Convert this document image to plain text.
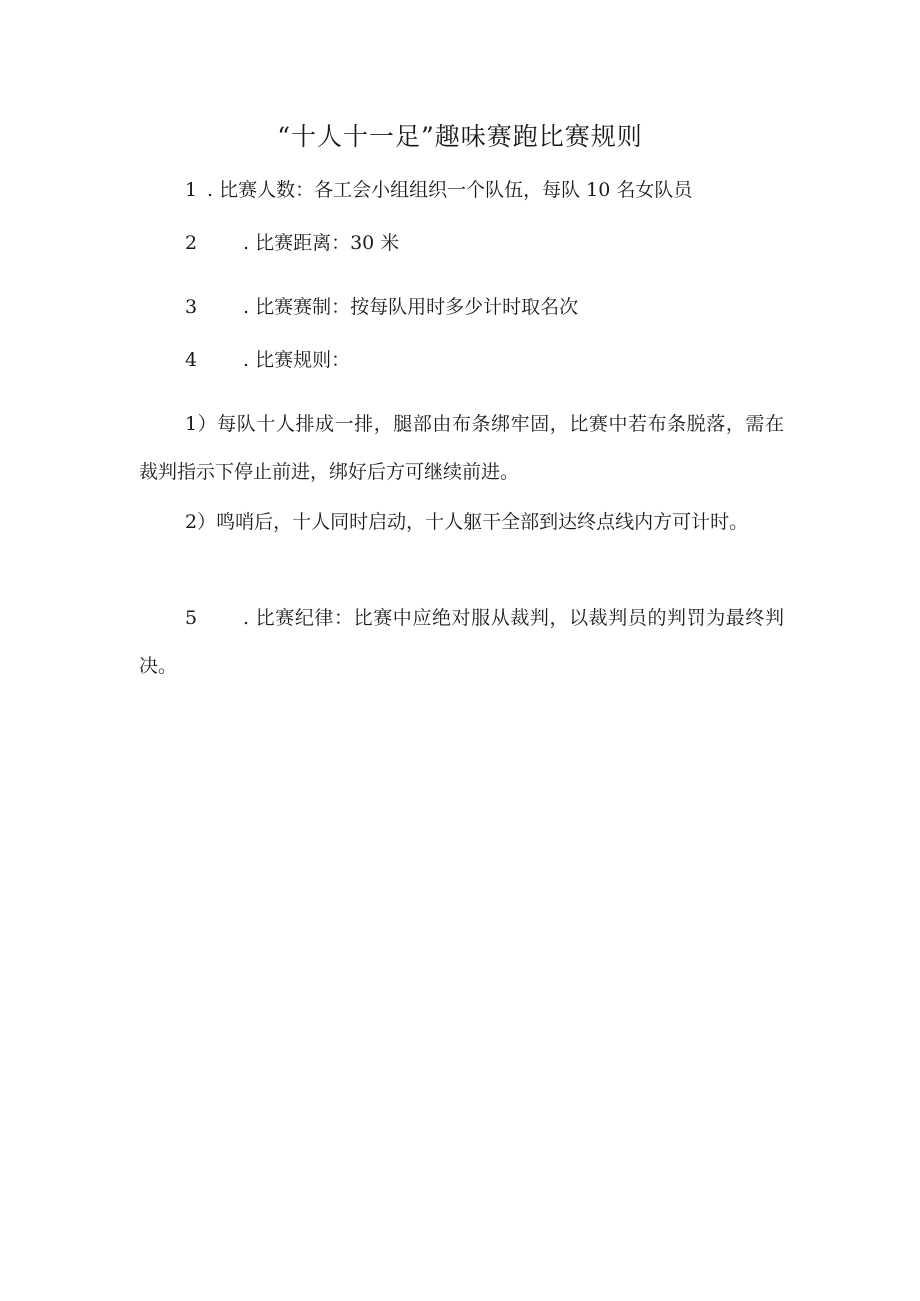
“十人十一足”趣味赛跑比赛规则
1 . 比赛人数：各工会小组组织一个队伍，每队 10 名女队员
2 . 比赛距离：30 米
3 . 比赛赛制：按每队用时多少计时取名次
4 . 比赛规则：
1）每队十人排成一排，腿部由布条绑牢固，比赛中若布条脱落，需在裁判指示下停止前进，绑好后方可继续前进。
2）鸣哨后，十人同时启动，十人躯干全部到达终点线内方可计时。
5 . 比赛纪律：比赛中应绝对服从裁判，以裁判员的判罚为最终判决。
